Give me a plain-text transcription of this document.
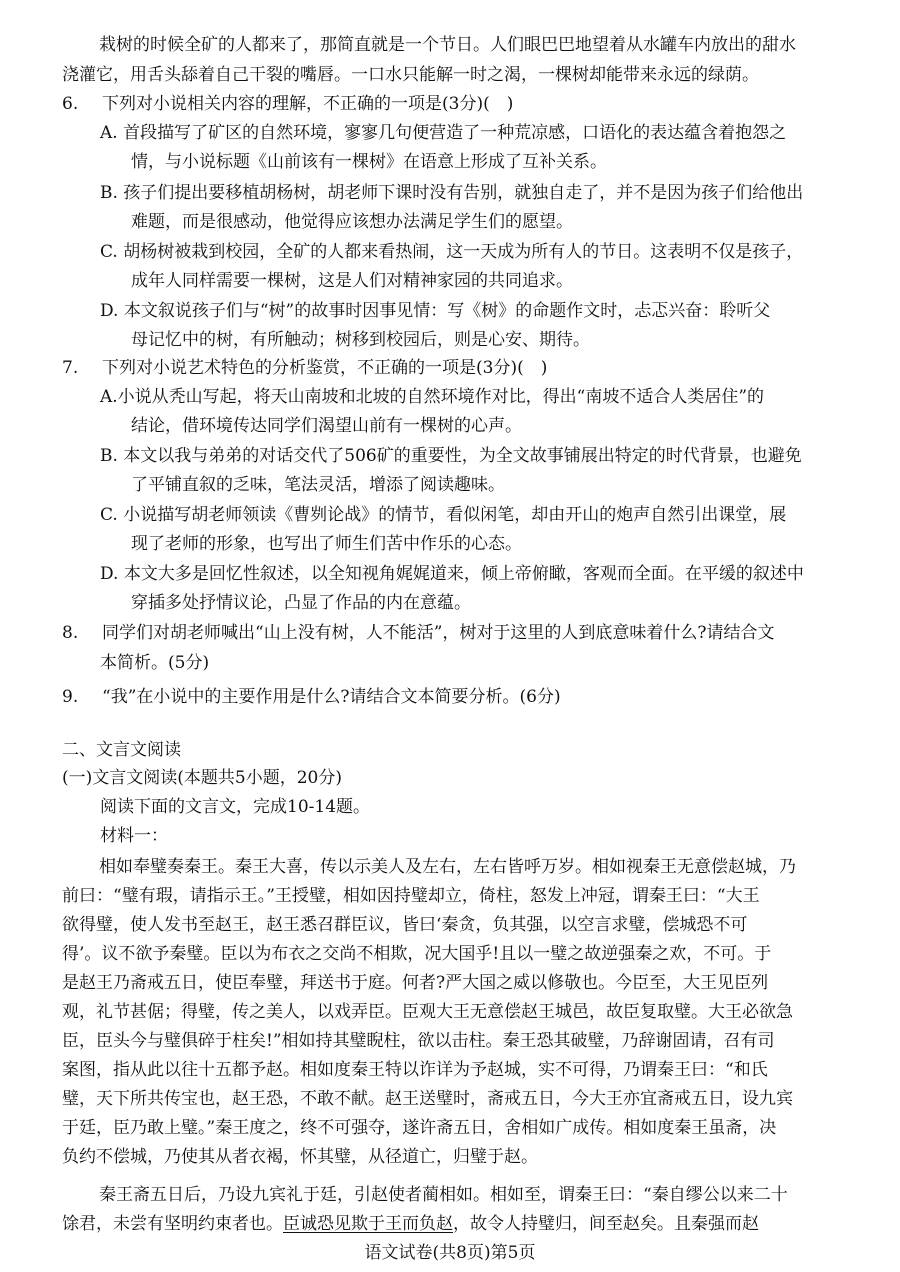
栽树的时候全矿的人都来了，那简直就是一个节日。人们眼巴巴地望着从水罐车内放出的甜水
浇灌它，用舌头舔着自己干裂的嘴唇。一口水只能解一时之渴，一棵树却能带来永远的绿荫。
6. 下列对小说相关内容的理解，不正确的一项是(3分)(　)
A. 首段描写了矿区的自然环境，寥寥几句便营造了一种荒凉感，口语化的表达蕴含着抱怨之
情，与小说标题《山前该有一棵树》在语意上形成了互补关系。
B. 孩子们提出要移植胡杨树，胡老师下课时没有告别，就独自走了，并不是因为孩子们给他出
难题，而是很感动，他觉得应该想办法满足学生们的愿望。
C. 胡杨树被栽到校园，全矿的人都来看热闹，这一天成为所有人的节日。这表明不仅是孩子，
成年人同样需要一棵树，这是人们对精神家园的共同追求。
D. 本文叙说孩子们与“树”的故事时因事见情：写《树》的命题作文时，忐忑兴奋：聆听父
母记忆中的树，有所触动；树移到校园后，则是心安、期待。
7. 下列对小说艺术特色的分析鉴赏，不正确的一项是(3分)(　)
A.小说从秃山写起，将天山南坡和北坡的自然环境作对比，得出“南坡不适合人类居住”的
结论，借环境传达同学们渴望山前有一棵树的心声。
B. 本文以我与弟弟的对话交代了506矿的重要性，为全文故事铺展出特定的时代背景，也避免
了平铺直叙的乏味，笔法灵活，增添了阅读趣味。
C. 小说描写胡老师领读《曹刿论战》的情节，看似闲笔，却由开山的炮声自然引出课堂，展
现了老师的形象，也写出了师生们苦中作乐的心态。
D. 本文大多是回忆性叙述，以全知视角娓娓道来，倾上帝俯瞰，客观而全面。在平缓的叙述中
穿插多处抒情议论，凸显了作品的内在意蕴。
8. 同学们对胡老师喊出“山上没有树，人不能活”，树对于这里的人到底意味着什么?请结合文
本简析。(5分)
9. “我”在小说中的主要作用是什么?请结合文本简要分析。(6分)
二、文言文阅读
(一)文言文阅读(本题共5小题，20分)
阅读下面的文言文，完成10-14题。
材料一：
相如奉璧奏秦王。秦王大喜，传以示美人及左右，左右皆呼万岁。相如视秦王无意偿赵城，乃
前曰：“璧有瑕，请指示王。”王授璧，相如因持璧却立，倚柱，怒发上冲冠，谓秦王曰：“大王
欲得璧，使人发书至赵王，赵王悉召群臣议，皆曰‘秦贪，负其强，以空言求璧，偿城恐不可
得’。议不欲予秦璧。臣以为布衣之交尚不相欺，况大国乎!且以一璧之故逆强秦之欢，不可。于
是赵王乃斋戒五日，使臣奉璧，拜送书于庭。何者?严大国之威以修敬也。今臣至，大王见臣列
观，礼节甚倨；得璧，传之美人，以戏弄臣。臣观大王无意偿赵王城邑，故臣复取璧。大王必欲急
臣，臣头今与璧俱碎于柱矣!”相如持其璧睨柱，欲以击柱。秦王恐其破璧，乃辞谢固请，召有司
案图，指从此以往十五都予赵。相如度秦王特以诈详为予赵城，实不可得，乃谓秦王曰：“和氏
璧，天下所共传宝也，赵王恐，不敢不献。赵王送璧时，斋戒五日，今大王亦宜斋戒五日，设九宾
于廷，臣乃敢上璧。”秦王度之，终不可强夺，遂许斋五日，舍相如广成传。相如度秦王虽斋，决
负约不偿城，乃使其从者衣褐，怀其璧，从径道亡，归璧于赵。
秦王斋五日后，乃设九宾礼于廷，引赵使者蔺相如。相如至，谓秦王曰：“秦自缪公以来二十
馀君，未尝有坚明约束者也。臣诚恐见欺于王而负赵，故令人持璧归，间至赵矣。且秦强而赵
语文试卷(共8页)第5页
